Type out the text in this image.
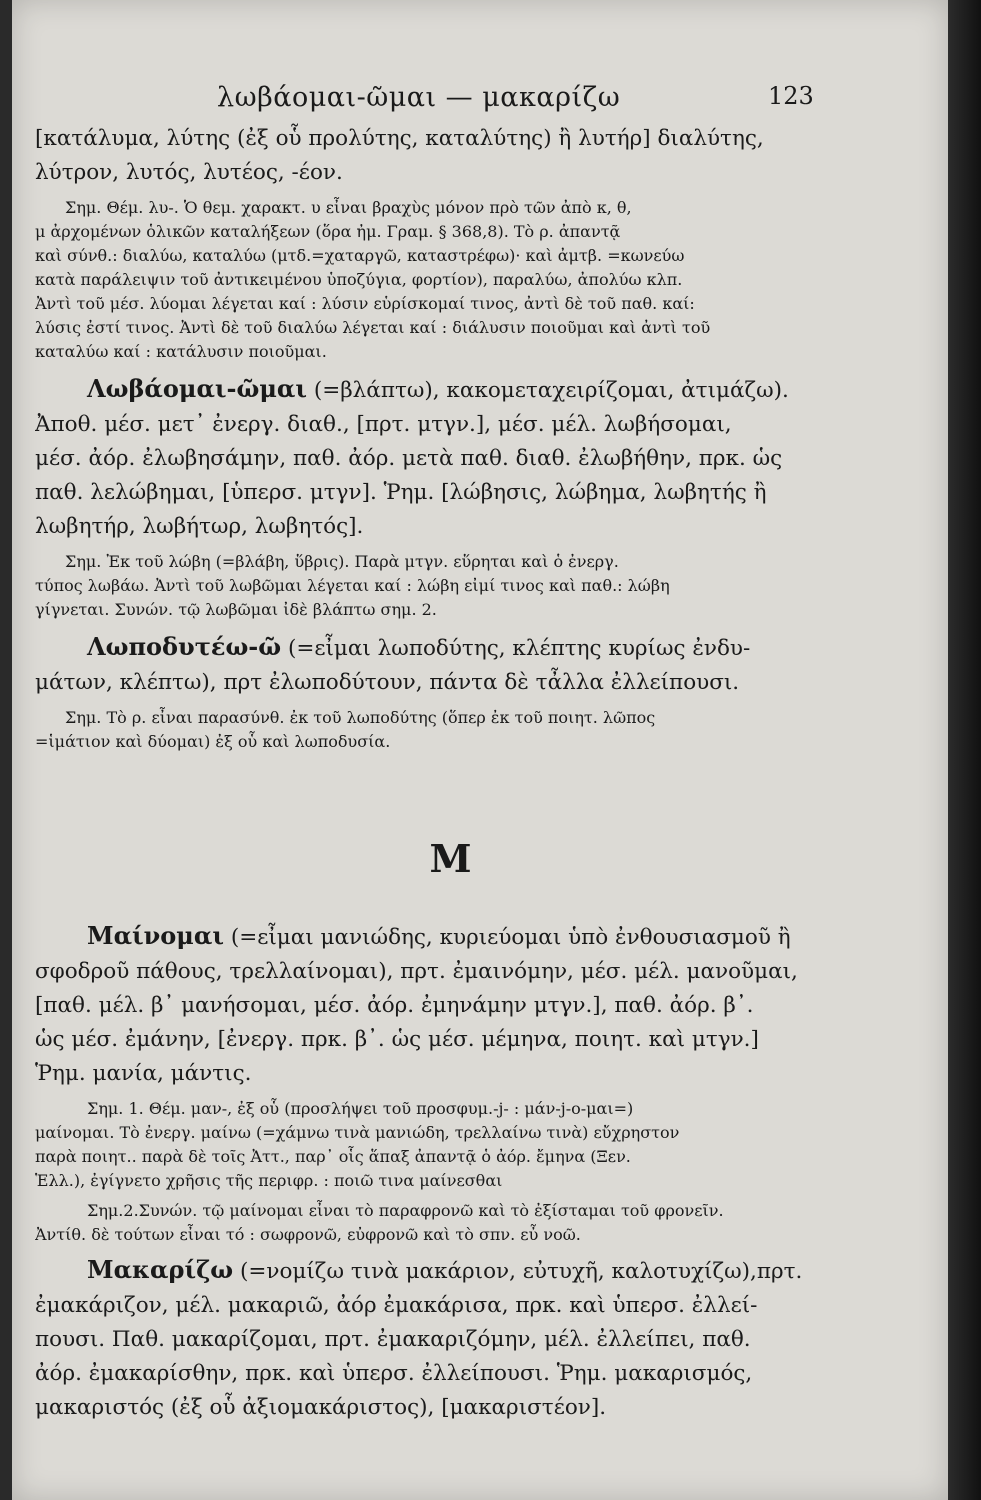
λωβάομαι-ῶμαι — μακαρίζω	123

[κατάλυμα, λύτης (ἐξ οὗ προλύτης, καταλύτης) ἢ λυτήρ] διαλύτης,

λύτρον, λυτός, λυτέος, -έον.

Σημ. Θέμ. λυ-. Ὁ θεμ. χαρακτ. υ εἶναι βραχὺς μόνον πρὸ τῶν ἀπὸ κ, θ,

μ ἀρχομένων ὁλικῶν καταλήξεων (ὅρα ἠμ. Γραμ. § 368,8). Τὸ ρ. ἀπαντᾷ

καὶ σύνθ.: διαλύω, καταλύω (μτδ.=χαταργῶ, καταστρέφω)· καὶ ἀμτβ. =κωνεύω

κατὰ παράλειψιν τοῦ ἀντικειμένου ὑποζύγια, φορτίον), παραλύω, ἀπολύω κλπ.

Ἀντὶ τοῦ μέσ. λύομαι λέγεται καί : λύσιν εὑρίσκομαί τινος, ἀντὶ δὲ τοῦ παθ. καί:

λύσις ἐστί τινος. Ἀντὶ δὲ τοῦ διαλύω λέγεται καί : διάλυσιν ποιοῦμαι καὶ ἀντὶ τοῦ

καταλύω καί : κατάλυσιν ποιοῦμαι.

Λωβάομαι-ῶμαι (=βλάπτω), κακομεταχειρίζομαι, ἀτιμάζω).

Ἀποθ. μέσ. μετ᾽ ἐνεργ. διαθ., [πρτ. μτγν.], μέσ. μέλ. λωβήσομαι,

μέσ. ἀόρ. ἐλωβησάμην, παθ. ἀόρ. μετὰ παθ. διαθ. ἐλωβήθην, πρκ. ὡς

παθ. λελώβημαι, [ὑπερσ. μτγν]. Ῥημ. [λώβησις, λώβημα, λωβητής ἢ

λωβητήρ, λωβήτωρ, λωβητός].

Σημ. Ἐκ τοῦ λώβη (=βλάβη, ὕβρις). Παρὰ μτγν. εὕρηται καὶ ὁ ἐνεργ.

τύπος λωβάω. Ἀντὶ τοῦ λωβῶμαι λέγεται καί : λώβη εἰμί τινος καὶ παθ.: λώβη

γίγνεται. Συνών. τῷ λωβῶμαι ἰδὲ βλάπτω σημ. 2.

Λωποδυτέω-ῶ (=εἶμαι λωποδύτης, κλέπτης κυρίως ἐνδυ-

μάτων, κλέπτω), πρτ ἐλωποδύτουν, πάντα δὲ τἆλλα ἐλλείπουσι.

Σημ. Τὸ ρ. εἶναι παρασύνθ. ἐκ τοῦ λωποδύτης (ὅπερ ἐκ τοῦ ποιητ. λῶπος

=ἱμάτιον καὶ δύομαι) ἐξ οὗ καὶ λωποδυσία.

M

Μαίνομαι (=εἶμαι μανιώδης, κυριεύομαι ὑπὸ ἐνθουσιασμοῦ ἢ

σφοδροῦ πάθους, τρελλαίνομαι), πρτ. ἐμαινόμην, μέσ. μέλ. μανοῦμαι,

[παθ. μέλ. β᾽ μανήσομαι, μέσ. ἀόρ. ἐμηνάμην μτγν.], παθ. ἀόρ. β᾽.

ὡς μέσ. ἐμάνην, [ἐνεργ. πρκ. β᾽. ὡς μέσ. μέμηνα, ποιητ. καὶ μτγν.]

Ῥημ. μανία, μάντις.

Σημ. 1. Θέμ. μαν-, ἐξ οὗ (προσλήψει τοῦ προσφυμ.-j- : μάν-j-ο-μαι=)

μαίνομαι. Τὸ ἐνεργ. μαίνω (=χάμνω τινὰ μανιώδη, τρελλαίνω τινὰ) εὔχρηστον

παρὰ ποιητ.. παρὰ δὲ τοῖς Ἀττ., παρ᾽ οἷς ἅπαξ ἀπαντᾷ ὁ ἀόρ. ἔμηνα (Ξεν.

Ἑλλ.), ἐγίγνετο χρῆσις τῆς περιφρ. : ποιῶ τινα μαίνεσθαι

Σημ.2.Συνών. τῷ μαίνομαι εἶναι τὸ παραφρονῶ καὶ τὸ ἐξίσταμαι τοῦ φρονεῖν.

Ἀντίθ. δὲ τούτων εἶναι τό : σωφρονῶ, εὐφρονῶ καὶ τὸ σπν. εὖ νοῶ.

Μακαρίζω (=νομίζω τινὰ μακάριον, εὐτυχῆ, καλοτυχίζω),πρτ.

ἐμακάριζον, μέλ. μακαριῶ, ἀόρ ἐμακάρισα, πρκ. καὶ ὑπερσ. ἐλλεί-

πουσι. Παθ. μακαρίζομαι, πρτ. ἐμακαριζόμην, μέλ. ἐλλείπει, παθ.

ἀόρ. ἐμακαρίσθην, πρκ. καὶ ὑπερσ. ἐλλείπουσι. Ῥημ. μακαρισμός,

μακαριστός (ἐξ οὗ ἀξιομακάριστος), [μακαριστέον].
